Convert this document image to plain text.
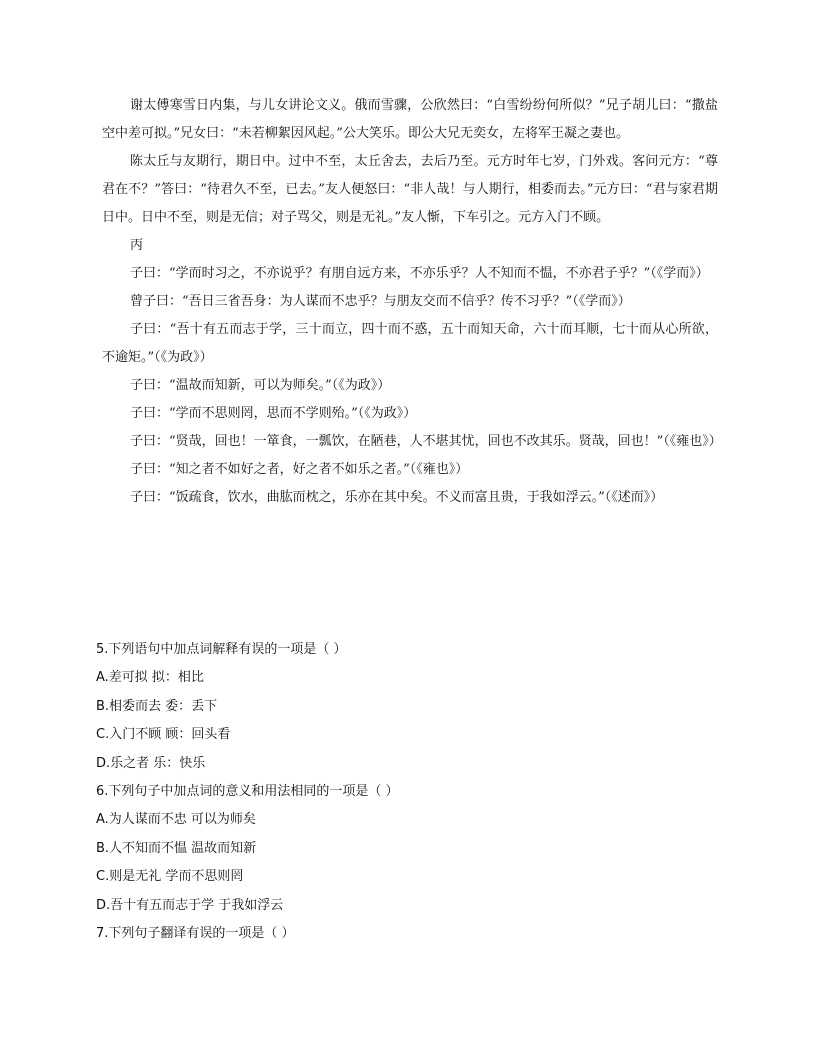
谢太傅寒雪日内集，与儿女讲论文义。俄而雪骤，公欣然曰：“白雪纷纷何所似？”兄子胡儿曰：“撒盐空中差可拟。”兄女曰：“未若柳絮因风起。”公大笑乐。即公大兄无奕女，左将军王凝之妻也。

陈太丘与友期行，期日中。过中不至，太丘舍去，去后乃至。元方时年七岁，门外戏。客问元方：“尊君在不？”答曰：“待君久不至，已去。”友人便怒曰：“非人哉！与人期行，相委而去。”元方曰：“君与家君期日中。日中不至，则是无信；对子骂父，则是无礼。”友人惭，下车引之。元方入门不顾。

丙

子曰：“学而时习之，不亦说乎？有朋自远方来，不亦乐乎？人不知而不愠，不亦君子乎？”（《学而》）

曾子曰：“吾日三省吾身：为人谋而不忠乎？与朋友交而不信乎？传不习乎？”（《学而》）

子曰：“吾十有五而志于学，三十而立，四十而不惑，五十而知天命，六十而耳顺，七十而从心所欲，不逾矩。”（《为政》）

子曰：“温故而知新，可以为师矣。”（《为政》）

子曰：“学而不思则罔，思而不学则殆。”（《为政》）

子曰：“贤哉，回也！一箪食，一瓢饮，在陋巷，人不堪其忧，回也不改其乐。贤哉，回也！”（《雍也》）

子曰：“知之者不如好之者，好之者不如乐之者。”（《雍也》）

子曰：“饭疏食，饮水，曲肱而枕之，乐亦在其中矣。不义而富且贵，于我如浮云。”（《述而》）

5.下列语句中加点词解释有误的一项是（ ）
A.差可拟 拟：相比
B.相委而去 委：丢下
C.入门不顾 顾：回头看
D.乐之者 乐：快乐
6.下列句子中加点词的意义和用法相同的一项是（ ）
A.为人谋而不忠 可以为师矣
B.人不知而不愠 温故而知新
C.则是无礼 学而不思则罔
D.吾十有五而志于学 于我如浮云
7.下列句子翻译有误的一项是（ ）
